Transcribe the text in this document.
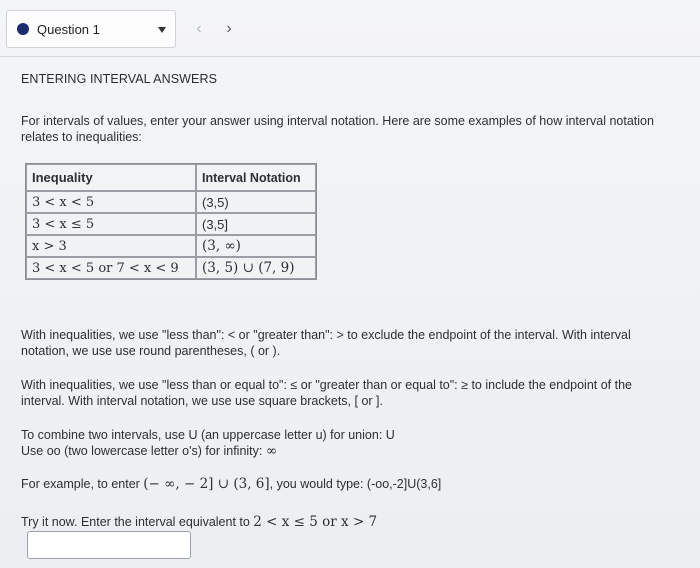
Question 1	‹ ›
ENTERING INTERVAL ANSWERS
For intervals of values, enter your answer using interval notation. Here are some examples of how interval notation relates to inequalities:
Inequality	Interval Notation
3 < x < 5	(3,5)
3 < x ≤ 5	(3,5]
x > 3	(3, ∞)
3 < x < 5 or 7 < x < 9	(3, 5) ∪ (7, 9)
With inequalities, we use "less than": < or "greater than": > to exclude the endpoint of the interval. With interval notation, we use use round parentheses, ( or ).
With inequalities, we use "less than or equal to": ≤ or "greater than or equal to": ≥ to include the endpoint of the interval. With interval notation, we use use square brackets, [ or ].
To combine two intervals, use U (an uppercase letter u) for union: U
Use oo (two lowercase letter o's) for infinity: ∞
For example, to enter (− ∞, − 2] ∪ (3, 6], you would type: (-oo,-2]U(3,6]
Try it now. Enter the interval equivalent to 2 < x ≤ 5 or x > 7
